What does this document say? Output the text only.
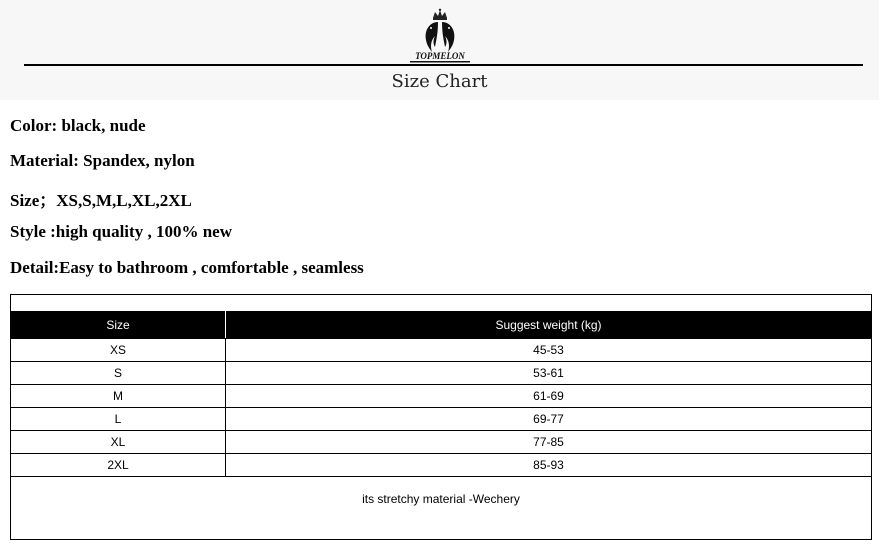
TOPMELON
Size Chart

Color: black, nude

Material: Spandex, nylon

Size；XS,S,M,L,XL,2XL

Style :high quality , 100% new

Detail:Easy to bathroom , comfortable , seamless

Size	Suggest weight (kg)
XS	45-53
S	53-61
M	61-69
L	69-77
XL	77-85
2XL	85-93
its stretchy material -Wechery
